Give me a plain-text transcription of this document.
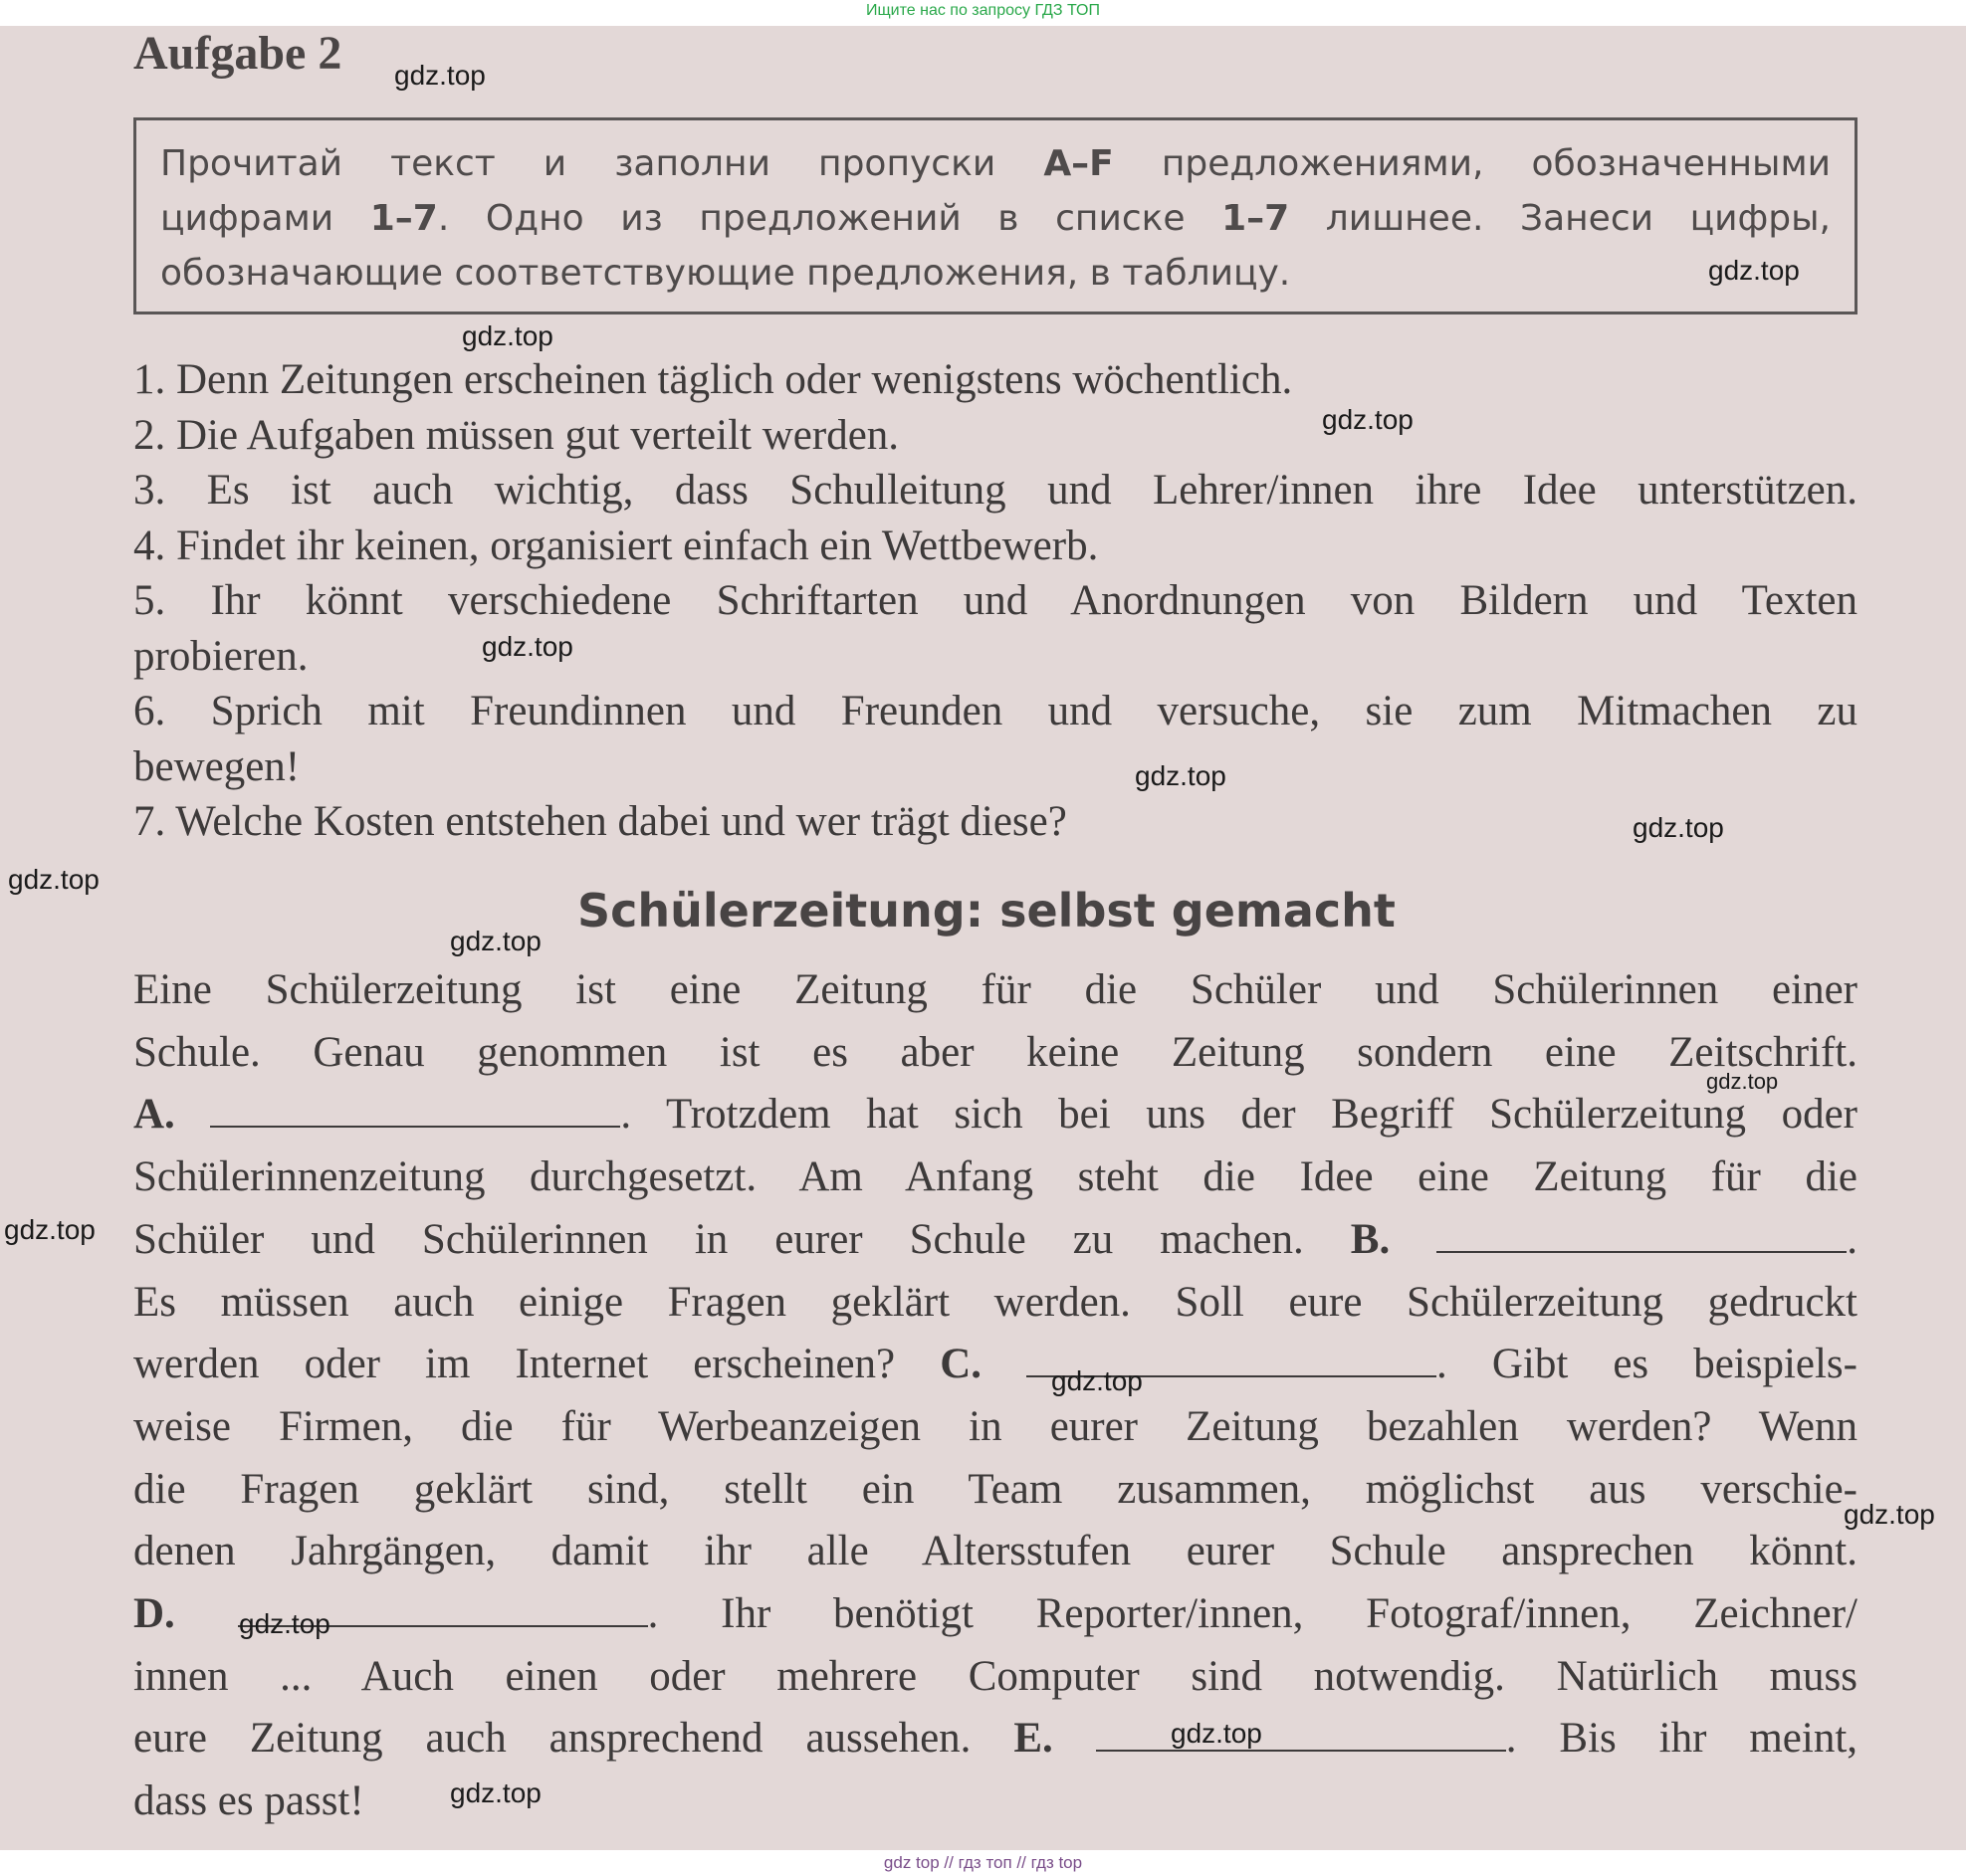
Ищите нас по запросу ГДЗ ТОП
Aufgabe 2
Прочитай текст и заполни пропуски A–F предложениями, обозначенными
цифрами 1–7. Одно из предложений в списке 1–7 лишнее. Занеси цифры,
обозначающие соответствующие предложения, в таблицу.
1. Denn Zeitungen erscheinen täglich oder wenigstens wöchentlich.
2. Die Aufgaben müssen gut verteilt werden.
3. Es ist auch wichtig, dass Schulleitung und Lehrer/innen ihre Idee unterstützen.
4. Findet ihr keinen, organisiert einfach ein Wettbewerb.
5. Ihr könnt verschiedene Schriftarten und Anordnungen von Bildern und Texten
probieren.
6. Sprich mit Freundinnen und Freunden und versuche, sie zum Mitmachen zu
bewegen!
7. Welche Kosten entstehen dabei und wer trägt diese?
Schülerzeitung: selbst gemacht
Eine Schülerzeitung ist eine Zeitung für die Schüler und Schülerinnen einer
Schule. Genau genommen ist es aber keine Zeitung sondern eine Zeitschrift.
A.	. Trotzdem hat sich bei uns der Begriff Schülerzeitung oder
Schülerinnenzeitung durchgesetzt. Am Anfang steht die Idee eine Zeitung für die
Schüler und Schülerinnen in eurer Schule zu machen. B.	.
Es müssen auch einige Fragen geklärt werden. Soll eure Schülerzeitung gedruckt
werden oder im Internet erscheinen? C.	. Gibt es beispiels-
weise Firmen, die für Werbeanzeigen in eurer Zeitung bezahlen werden? Wenn
die Fragen geklärt sind, stellt ein Team zusammen, möglichst aus verschie-
denen Jahrgängen, damit ihr alle Altersstufen eurer Schule ansprechen könnt.
D.	. Ihr benötigt Reporter/innen, Fotograf/innen, Zeichner/
innen ... Auch einen oder mehrere Computer sind notwendig. Natürlich muss
eure Zeitung auch ansprechend aussehen. E.	. Bis ihr meint,
dass es passt!
gdz.top
gdz.top
gdz.top
gdz.top
gdz.top
gdz.top
gdz.top
gdz.top
gdz.top
gdz.top
gdz.top
gdz.top
gdz.top
gdz.top
gdz.top
gdz.top
gdz top // гдз топ // гдз top
